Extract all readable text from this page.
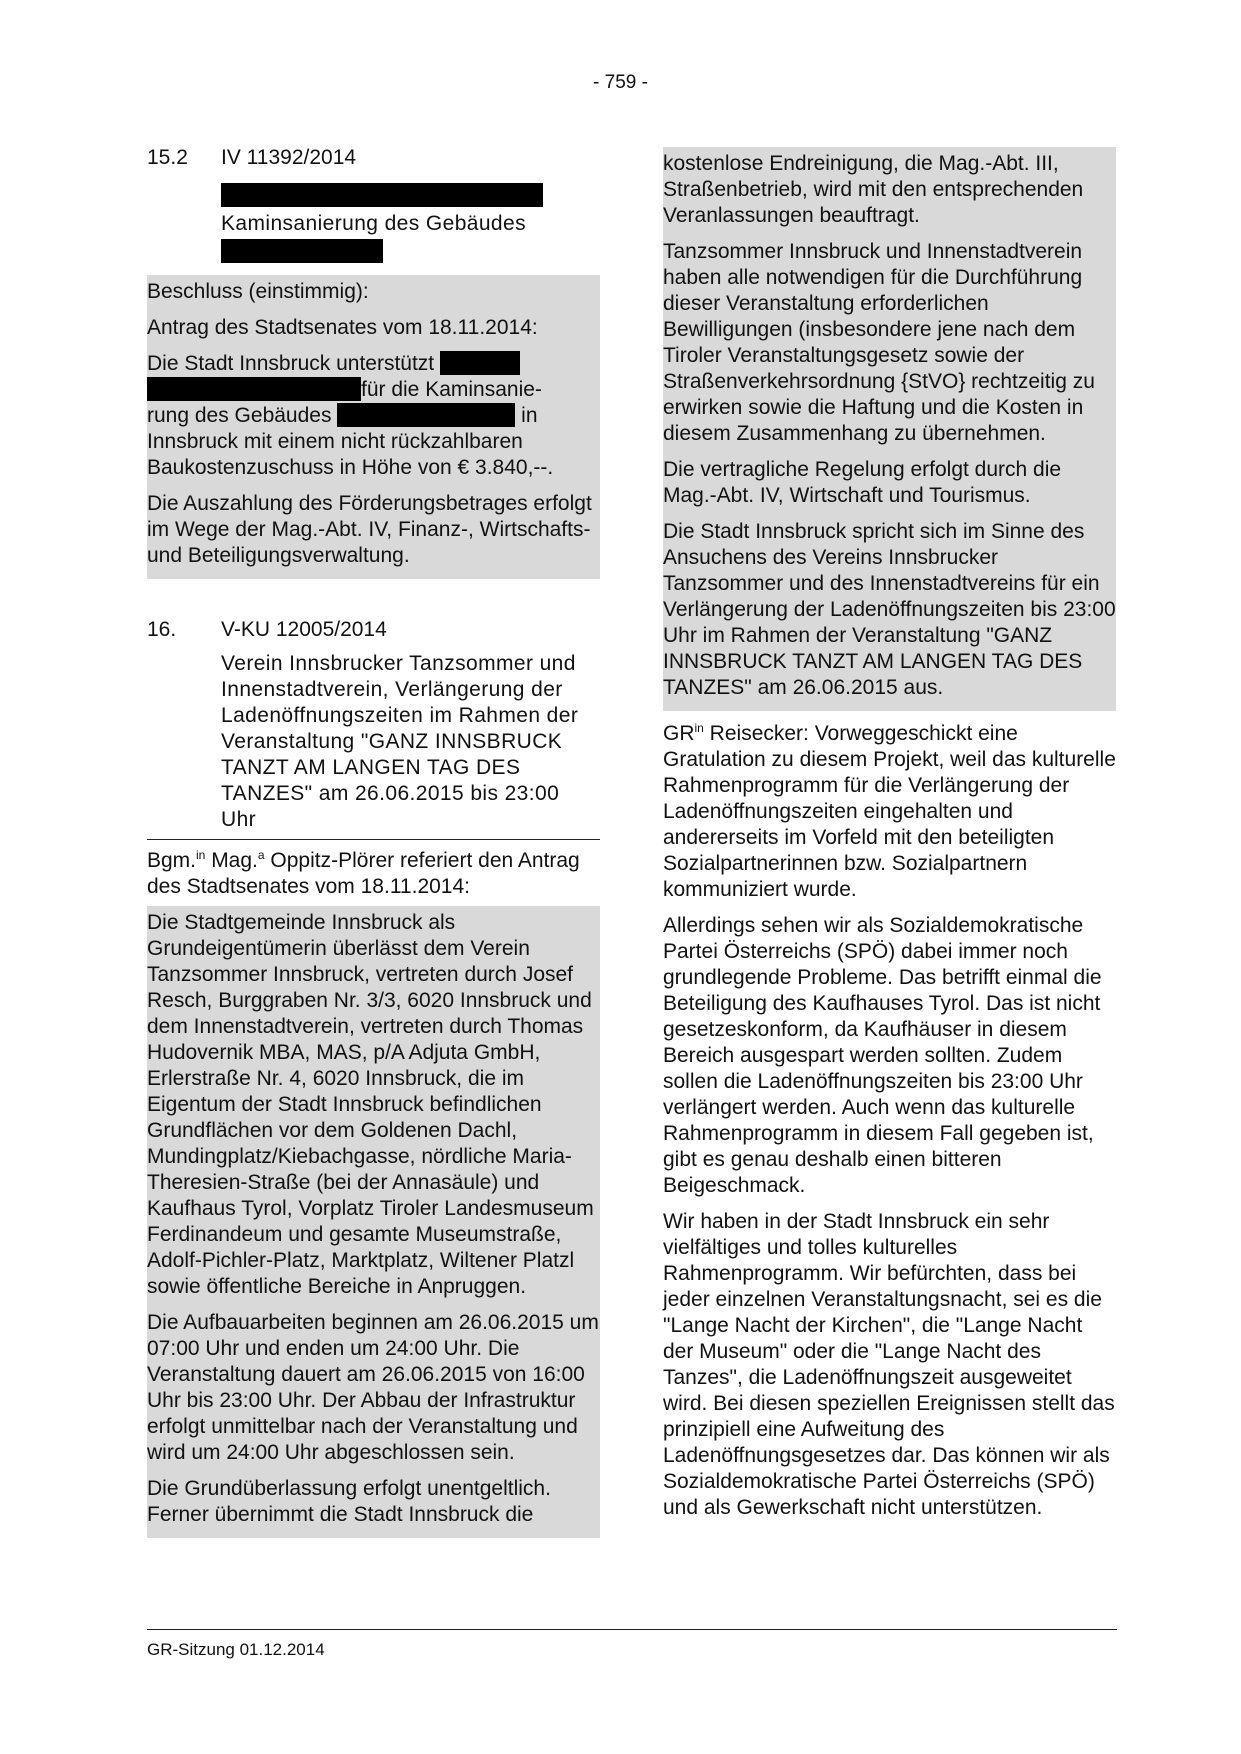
- 759 -
15.2	IV 11392/2014
Kaminsanierung des Gebäudes

Beschluss (einstimmig):

Antrag des Stadtsenates vom 18.11.2014:

Die Stadt Innsbruck unterstützt
für die Kaminsanie-
rung des Gebäudes	in
Innsbruck mit einem nicht rückzahlbaren Baukostenzuschuss in Höhe von € 3.840,--.

Die Auszahlung des Förderungsbetrages erfolgt im Wege der Mag.-Abt. IV, Finanz-, Wirtschafts- und Beteiligungsverwaltung.

16.	V-KU 12005/2014
Verein Innsbrucker Tanzsommer und Innenstadtverein, Verlängerung der Ladenöffnungszeiten im Rahmen der Veranstaltung "GANZ INNSBRUCK TANZT AM LANGEN TAG DES TANZES" am 26.06.2015 bis 23:00 Uhr

Bgm.$^{in}$ Mag.$^a$ Oppitz-Plörer referiert den Antrag des Stadtsenates vom 18.11.2014:

Die Stadtgemeinde Innsbruck als Grundeigentümerin überlässt dem Verein Tanzsommer Innsbruck, vertreten durch Josef Resch, Burggraben Nr. 3/3, 6020 Innsbruck und dem Innenstadtverein, vertreten durch Thomas Hudovernik MBA, MAS, p/A Adjuta GmbH, Erlerstraße Nr. 4, 6020 Innsbruck, die im Eigentum der Stadt Innsbruck befindlichen Grundflächen vor dem Goldenen Dachl, Mundingplatz/Kiebachgasse, nördliche Maria-Theresien-Straße (bei der Annasäule) und Kaufhaus Tyrol, Vorplatz Tiroler Landesmuseum Ferdinandeum und gesamte Museumstraße, Adolf-Pichler-Platz, Marktplatz, Wiltener Platzl sowie öffentliche Bereiche in Anpruggen.

Die Aufbauarbeiten beginnen am 26.06.2015 um 07:00 Uhr und enden um 24:00 Uhr. Die Veranstaltung dauert am 26.06.2015 von 16:00 Uhr bis 23:00 Uhr. Der Abbau der Infrastruktur erfolgt unmittelbar nach der Veranstaltung und wird um 24:00 Uhr abgeschlossen sein.

Die Grundüberlassung erfolgt unentgeltlich. Ferner übernimmt die Stadt Innsbruck die

kostenlose Endreinigung, die Mag.-Abt. III, Straßenbetrieb, wird mit den entsprechenden Veranlassungen beauftragt.

Tanzsommer Innsbruck und Innenstadtverein haben alle notwendigen für die Durchführung dieser Veranstaltung erforderlichen Bewilligungen (insbesondere jene nach dem Tiroler Veranstaltungsgesetz sowie der Straßenverkehrsordnung {StVO} rechtzeitig zu erwirken sowie die Haftung und die Kosten in diesem Zusammenhang zu übernehmen.

Die vertragliche Regelung erfolgt durch die Mag.-Abt. IV, Wirtschaft und Tourismus.

Die Stadt Innsbruck spricht sich im Sinne des Ansuchens des Vereins Innsbrucker Tanzsommer und des Innenstadtvereins für ein Verlängerung der Ladenöffnungszeiten bis 23:00 Uhr im Rahmen der Veranstaltung "GANZ INNSBRUCK TANZT AM LANGEN TAG DES TANZES" am 26.06.2015 aus.

$GR^{in}$ Reisecker: Vorweggeschickt eine Gratulation zu diesem Projekt, weil das kulturelle Rahmenprogramm für die Verlängerung der Ladenöffnungszeiten eingehalten und andererseits im Vorfeld mit den beteiligten Sozialpartnerinnen bzw. Sozialpartnern kommuniziert wurde.

Allerdings sehen wir als Sozialdemokratische Partei Österreichs (SPÖ) dabei immer noch grundlegende Probleme. Das betrifft einmal die Beteiligung des Kaufhauses Tyrol. Das ist nicht gesetzeskonform, da Kaufhäuser in diesem Bereich ausgespart werden sollten. Zudem sollen die Ladenöffnungszeiten bis 23:00 Uhr verlängert werden. Auch wenn das kulturelle Rahmenprogramm in diesem Fall gegeben ist, gibt es genau deshalb einen bitteren Beigeschmack.

Wir haben in der Stadt Innsbruck ein sehr vielfältiges und tolles kulturelles Rahmenprogramm. Wir befürchten, dass bei jeder einzelnen Veranstaltungsnacht, sei es die "Lange Nacht der Kirchen", die "Lange Nacht der Museum" oder die "Lange Nacht des Tanzes", die Ladenöffnungszeit ausgeweitet wird. Bei diesen speziellen Ereignissen stellt das prinzipiell eine Aufweitung des Ladenöffnungsgesetzes dar. Das können wir als Sozialdemokratische Partei Österreichs (SPÖ) und als Gewerkschaft nicht unterstützen.

GR-Sitzung 01.12.2014
